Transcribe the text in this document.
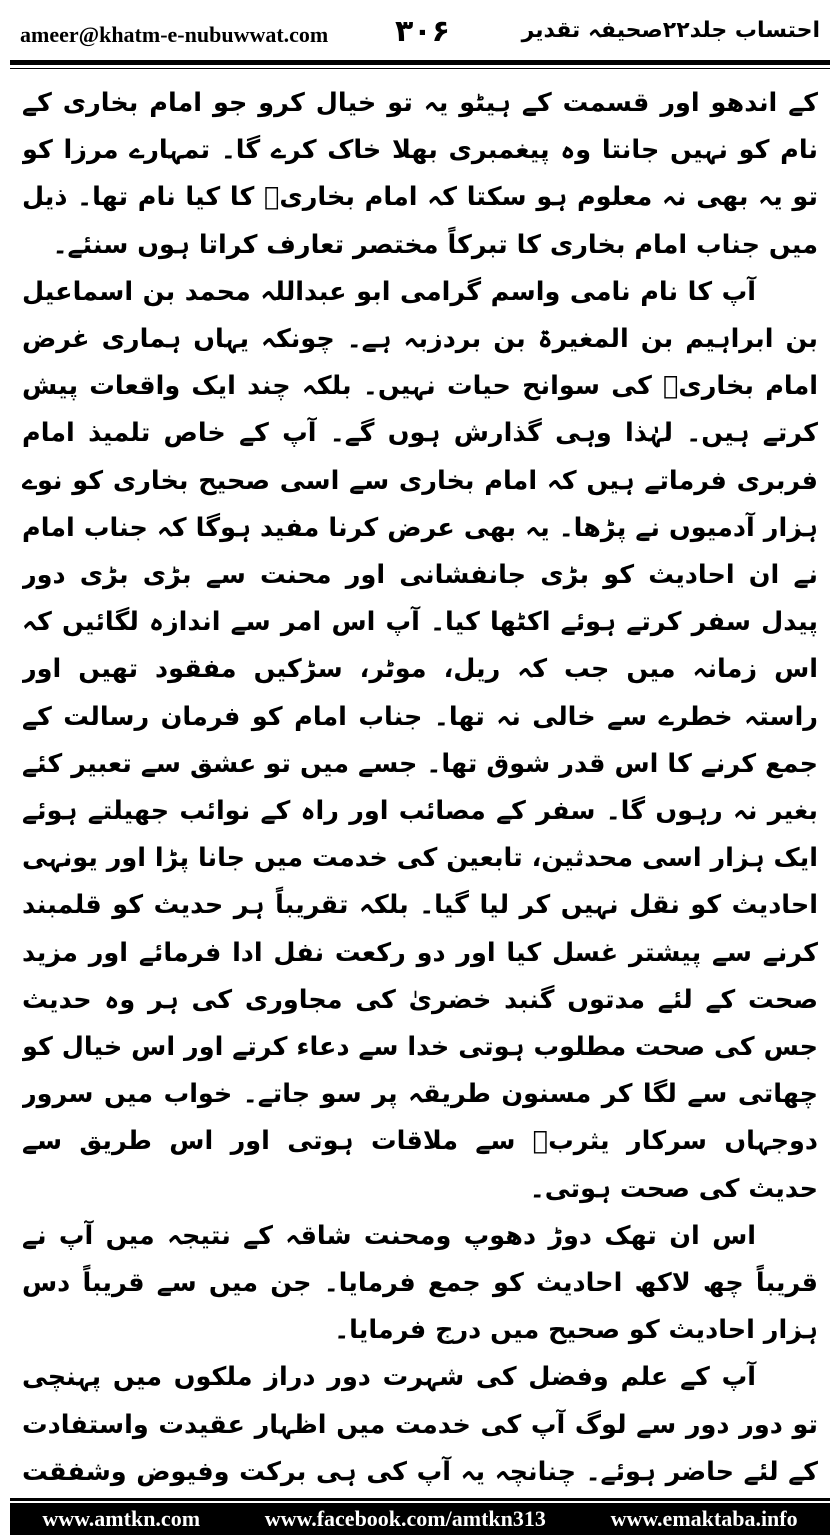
ameer@khatm-e-nubuwwat.com ۳۰۶	احتساب جلد۲۲صحیفہ تقدیر

کے اندھو اور قسمت کے ہیٹو یہ تو خیال کرو جو امام بخاری کے نام کو نہیں جانتا وہ پیغمبری بھلا خاک کرے گا۔ تمہارے مرزا کو تو یہ بھی نہ معلوم ہو سکتا کہ امام بخاریؒ کا کیا نام تھا۔ ذیل میں جناب امام بخاری کا تبرکاً مختصر تعارف کراتا ہوں سنئے۔

آپ کا نام نامی واسم گرامی ابو عبداللہ محمد بن اسماعیل بن ابراہیم بن المغیرۃ بن بردزبہ ہے۔ چونکہ یہاں ہماری غرض امام بخاریؒ کی سوانح حیات نہیں۔ بلکہ چند ایک واقعات پیش کرتے ہیں۔ لہٰذا وہی گذارش ہوں گے۔ آپ کے خاص تلمیذ امام فربری فرماتے ہیں کہ امام بخاری سے اسی صحیح بخاری کو نوے ہزار آدمیوں نے پڑھا۔ یہ بھی عرض کرنا مفید ہوگا کہ جناب امام نے ان احادیث کو بڑی جانفشانی اور محنت سے بڑی بڑی دور پیدل سفر کرتے ہوئے اکٹھا کیا۔ آپ اس امر سے اندازہ لگائیں کہ اس زمانہ میں جب کہ ریل، موٹر، سڑکیں مفقود تھیں اور راستہ خطرے سے خالی نہ تھا۔ جناب امام کو فرمان رسالت کے جمع کرنے کا اس قدر شوق تھا۔ جسے میں تو عشق سے تعبیر کئے بغیر نہ رہوں گا۔ سفر کے مصائب اور راہ کے نوائب جھیلتے ہوئے ایک ہزار اسی محدثین، تابعین کی خدمت میں جانا پڑا اور یونہی احادیث کو نقل نہیں کر لیا گیا۔ بلکہ تقریباً ہر حدیث کو قلمبند کرنے سے پیشتر غسل کیا اور دو رکعت نفل ادا فرمائے اور مزید صحت کے لئے مدتوں گنبد خضریٰ کی مجاوری کی ہر وہ حدیث جس کی صحت مطلوب ہوتی خدا سے دعاء کرتے اور اس خیال کو چھاتی سے لگا کر مسنون طریقہ پر سو جاتے۔ خواب میں سرور دوجہاں سرکار یثربؐ سے ملاقات ہوتی اور اس طریق سے حدیث کی صحت ہوتی۔

اس ان تھک دوڑ دھوپ ومحنت شاقہ کے نتیجہ میں آپ نے قریباً چھ لاکھ احادیث کو جمع فرمایا۔ جن میں سے قریباً دس ہزار احادیث کو صحیح میں درج فرمایا۔

آپ کے علم وفضل کی شہرت دور دراز ملکوں میں پہنچی تو دور دور سے لوگ آپ کی خدمت میں اظہار عقیدت واستفادت کے لئے حاضر ہوئے۔ چنانچہ یہ آپ کی ہی برکت وفیوض وشفقت

www.amtkn.com	www.facebook.com/amtkn313	www.emaktaba.info
